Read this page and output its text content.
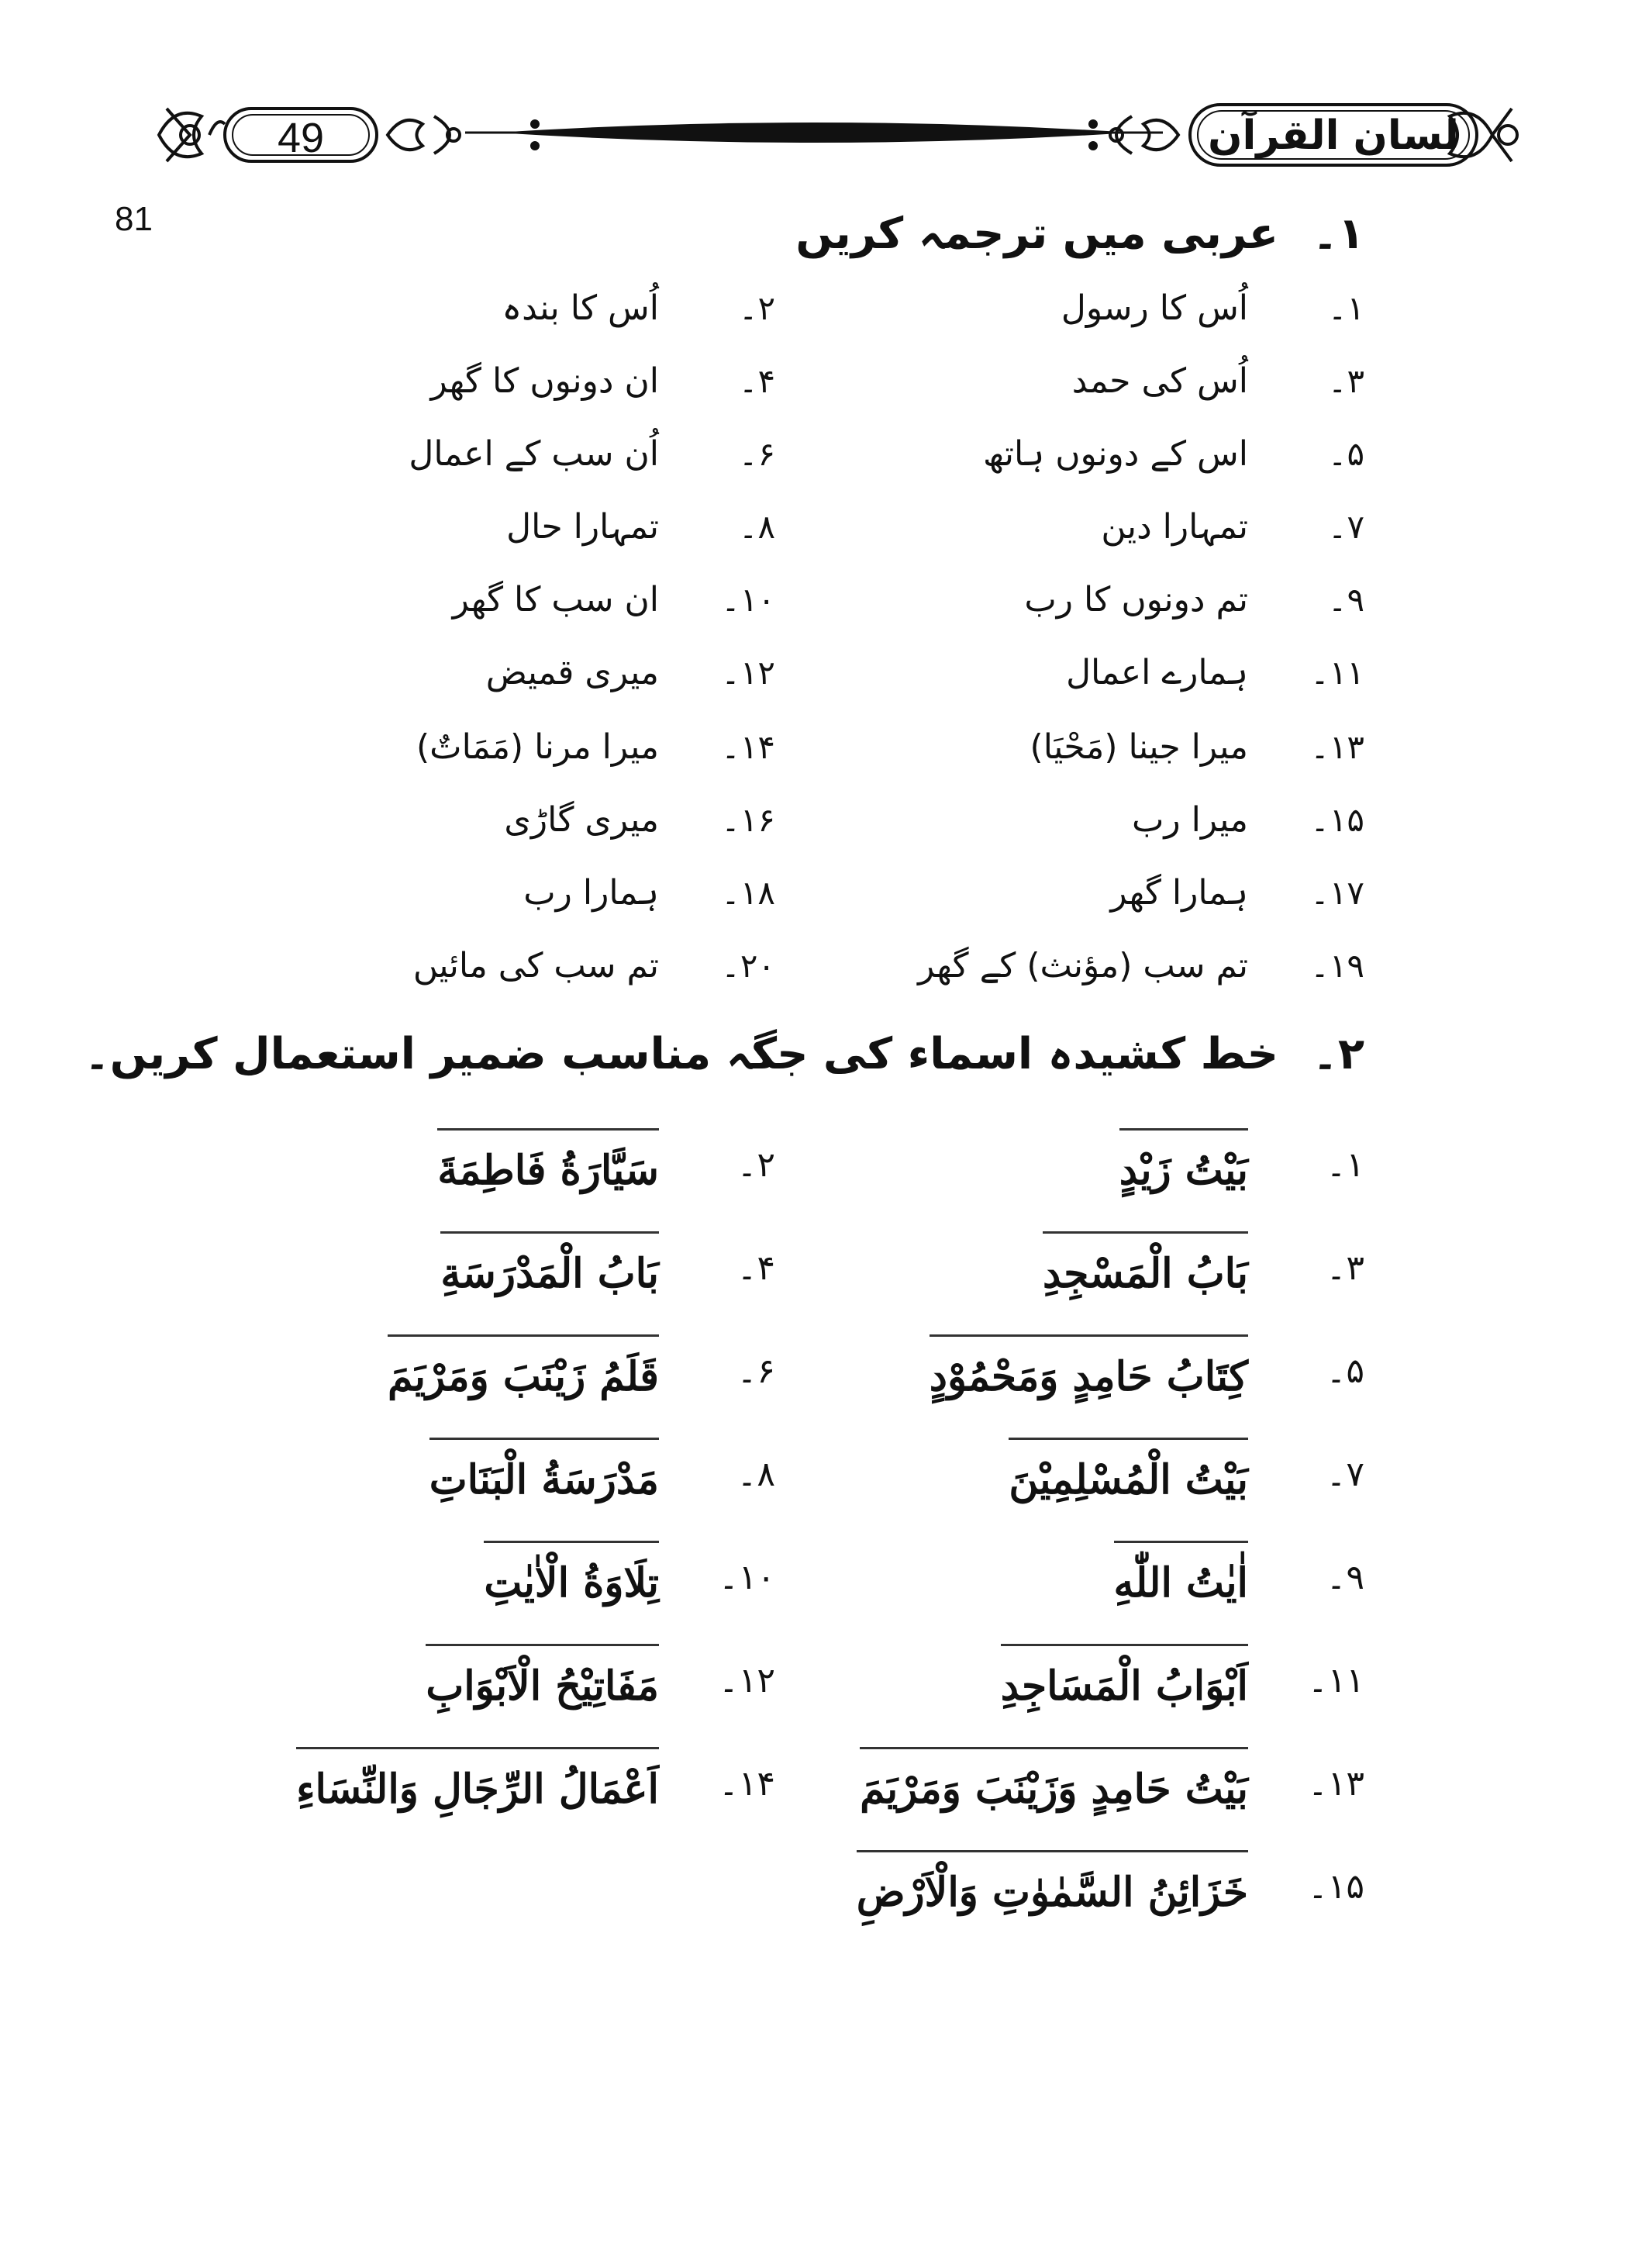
49	لسان القرآن
81	۱۔عربی میں ترجمہ کریں
۱۔
اُس کا رسول
۲۔
اُس کا بندہ
۳۔
اُس کی حمد
۴۔
ان دونوں کا گھر
۵۔
اس کے دونوں ہاتھ
۶۔
اُن سب کے اعمال
۷۔
تمہارا دین
۸۔
تمہارا حال
۹۔
تم دونوں کا رب
۱۰۔
ان سب کا گھر
۱۱۔
ہمارے اعمال
۱۲۔
میری قمیض
۱۳۔
میرا جینا (مَحْیَا)
۱۴۔
میرا مرنا (مَمَاتٌ)
۱۵۔
میرا رب
۱۶۔
میری گاڑی
۱۷۔
ہمارا گھر
۱۸۔
ہمارا رب
۱۹۔
تم سب (مؤنث) کے گھر
۲۰۔
تم سب کی مائیں
۲۔خط کشیدہ اسماء کی جگہ مناسب ضمیر استعمال کریں۔
۱۔
بَیْتُ زَیْدٍ
۲۔
سَیَّارَةُ فَاطِمَةَ
۳۔
بَابُ الْمَسْجِدِ
۴۔
بَابُ الْمَدْرَسَةِ
۵۔
کِتَابُ حَامِدٍ وَمَحْمُوْدٍ
۶۔
قَلَمُ زَیْنَبَ وَمَرْیَمَ
۷۔
بَیْتُ الْمُسْلِمِیْنَ
۸۔
مَدْرَسَةُ الْبَنَاتِ
۹۔
اٰیٰتُ اللّٰهِ
۱۰۔
تِلَاوَةُ الْاٰیٰتِ
۱۱۔
اَبْوَابُ الْمَسَاجِدِ
۱۲۔
مَفَاتِیْحُ الْاَبْوَابِ
۱۳۔
بَیْتُ حَامِدٍ وَزَیْنَبَ وَمَرْیَمَ
۱۴۔
اَعْمَالُ الرِّجَالِ وَالنِّسَاءِ
۱۵۔
خَزَائِنُ السَّمٰوٰتِ وَالْاَرْضِ
